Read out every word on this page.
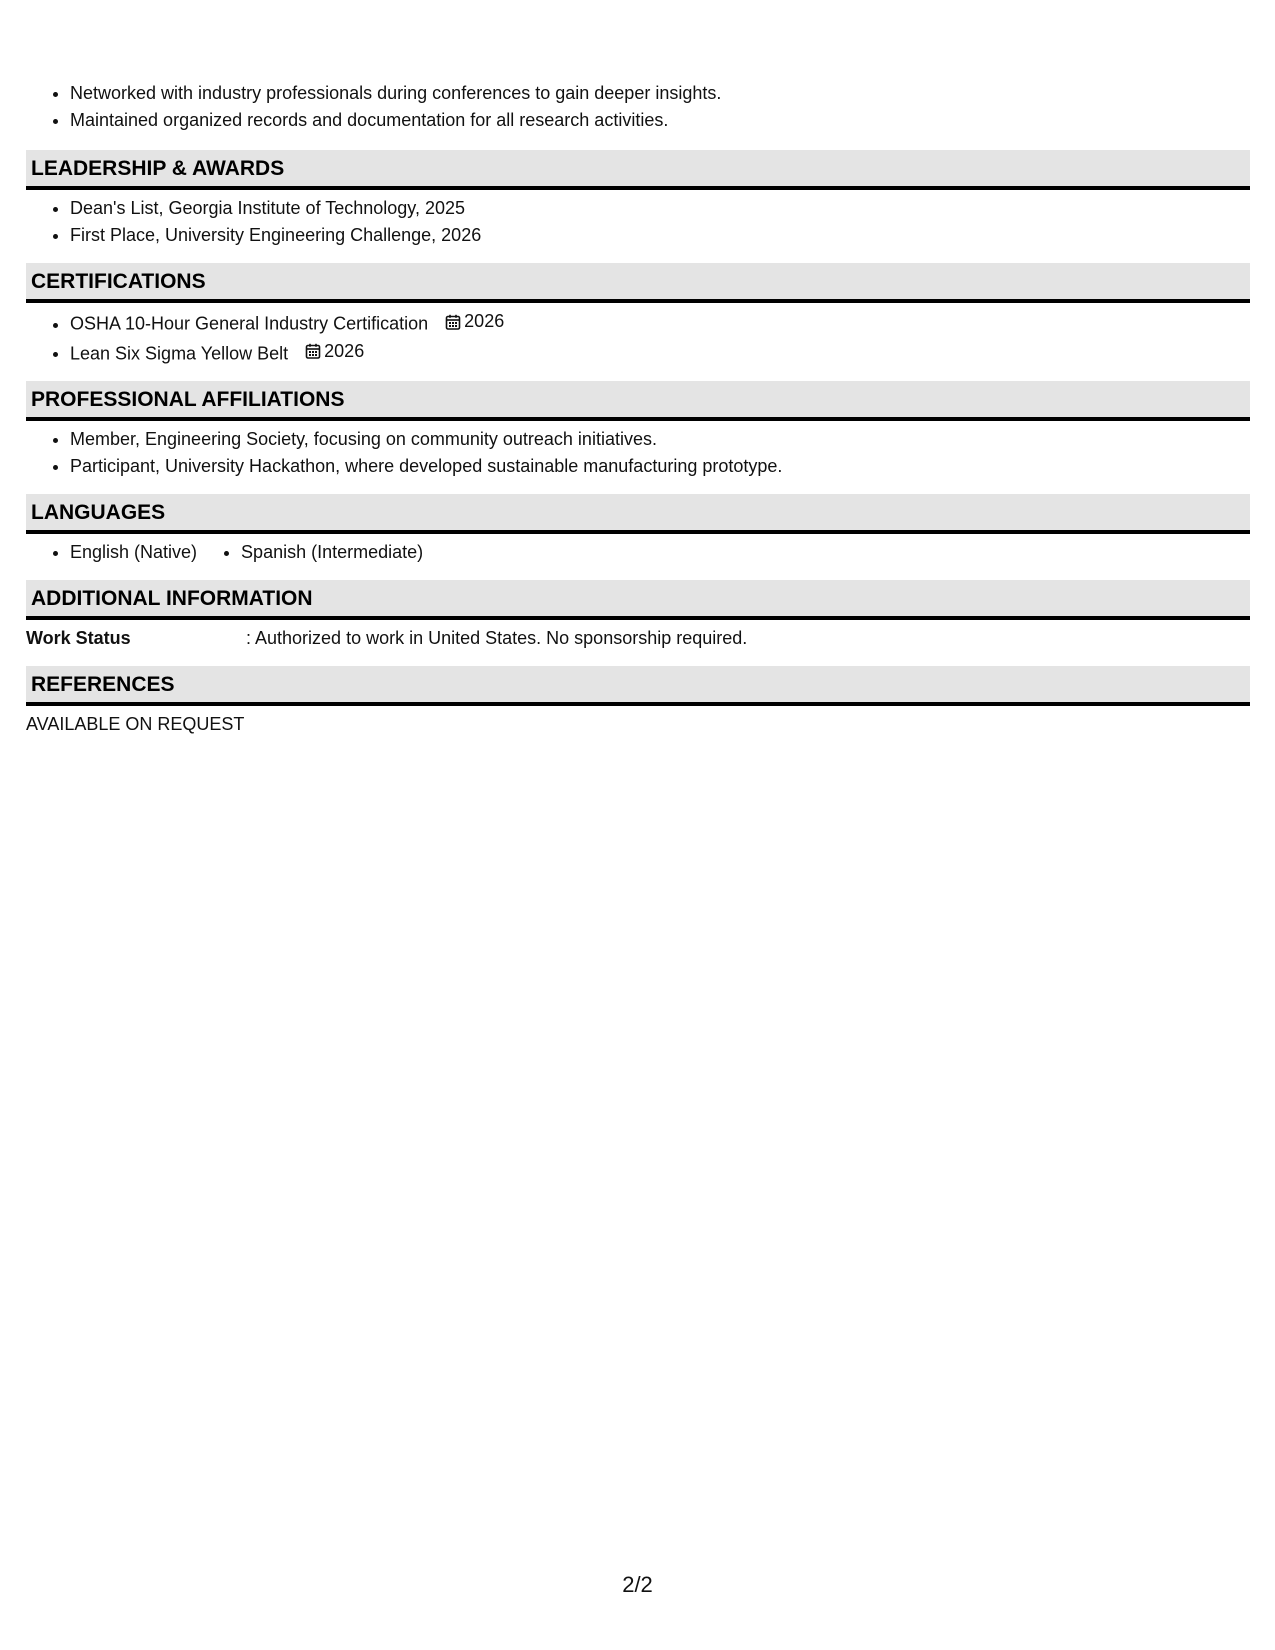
• Networked with industry professionals during conferences to gain deeper insights.
• Maintained organized records and documentation for all research activities.
LEADERSHIP & AWARDS
• Dean's List, Georgia Institute of Technology, 2025
• First Place, University Engineering Challenge, 2026
CERTIFICATIONS
• OSHA 10-Hour General Industry Certification 2026
• Lean Six Sigma Yellow Belt 2026
PROFESSIONAL AFFILIATIONS
• Member, Engineering Society, focusing on community outreach initiatives.
• Participant, University Hackathon, where developed sustainable manufacturing prototype.
LANGUAGES
• English (Native)
• Spanish (Intermediate)
ADDITIONAL INFORMATION
Work Status	: Authorized to work in United States. No sponsorship required.
REFERENCES
AVAILABLE ON REQUEST
2/2
